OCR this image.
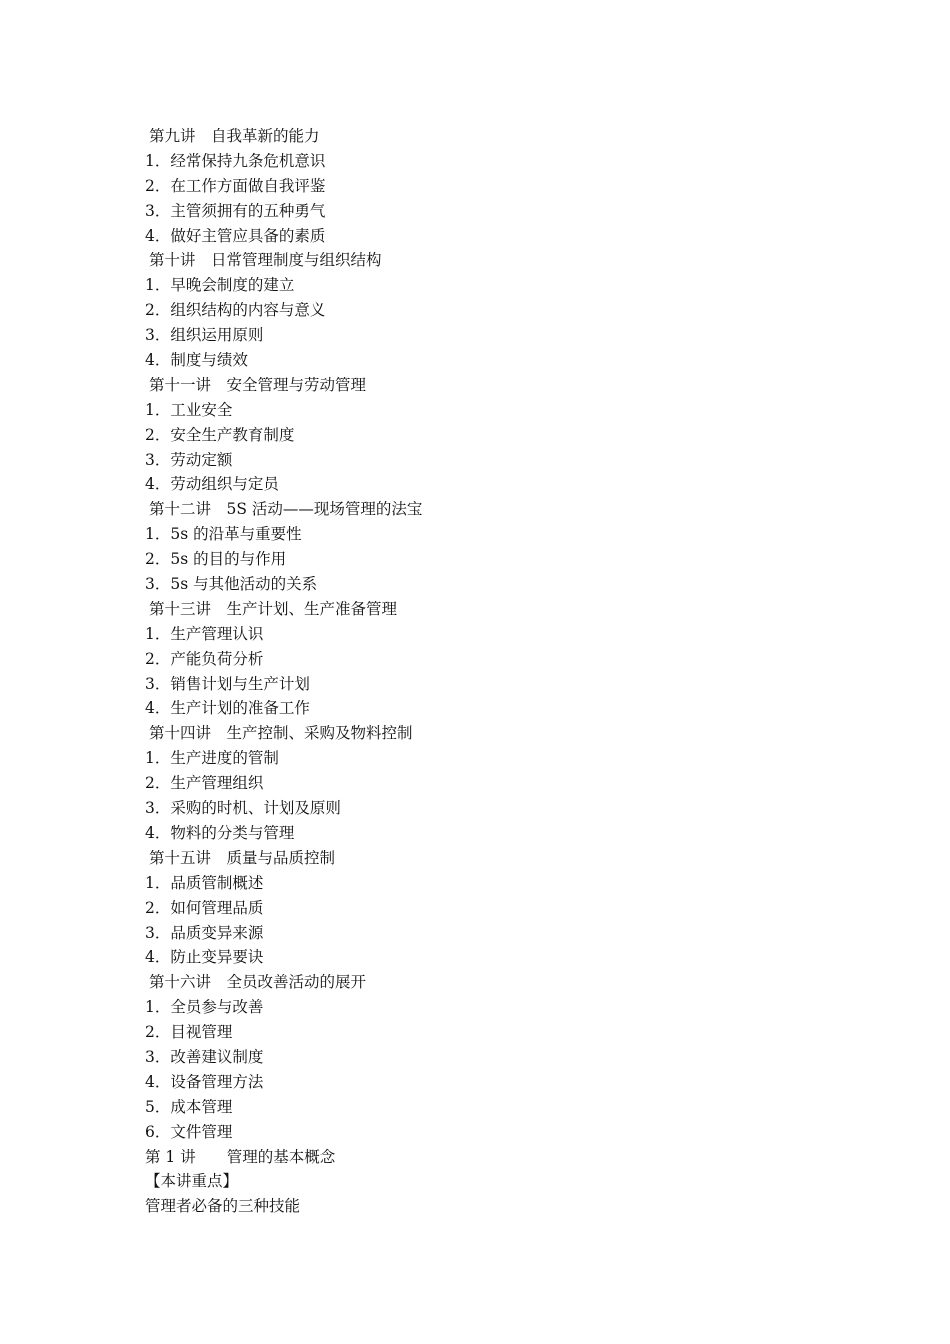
第九讲　自我革新的能力
1．经常保持九条危机意识
2．在工作方面做自我评鉴
3．主管须拥有的五种勇气
4．做好主管应具备的素质
第十讲　日常管理制度与组织结构
1．早晚会制度的建立
2．组织结构的内容与意义
3．组织运用原则
4．制度与绩效
第十一讲　安全管理与劳动管理
1．工业安全
2．安全生产教育制度
3．劳动定额
4．劳动组织与定员
第十二讲　5S 活动——现场管理的法宝
1．5s 的沿革与重要性
2．5s 的目的与作用
3．5s 与其他活动的关系
第十三讲　生产计划、生产准备管理
1．生产管理认识
2．产能负荷分析
3．销售计划与生产计划
4．生产计划的准备工作
第十四讲　生产控制、采购及物料控制
1．生产进度的管制
2．生产管理组织
3．采购的时机、计划及原则
4．物料的分类与管理
第十五讲　质量与品质控制
1．品质管制概述
2．如何管理品质
3．品质变异来源
4．防止变异要诀
第十六讲　全员改善活动的展开
1．全员参与改善
2．目视管理
3．改善建议制度
4．设备管理方法
5．成本管理
6．文件管理
第 1 讲　　管理的基本概念
【本讲重点】
管理者必备的三种技能
